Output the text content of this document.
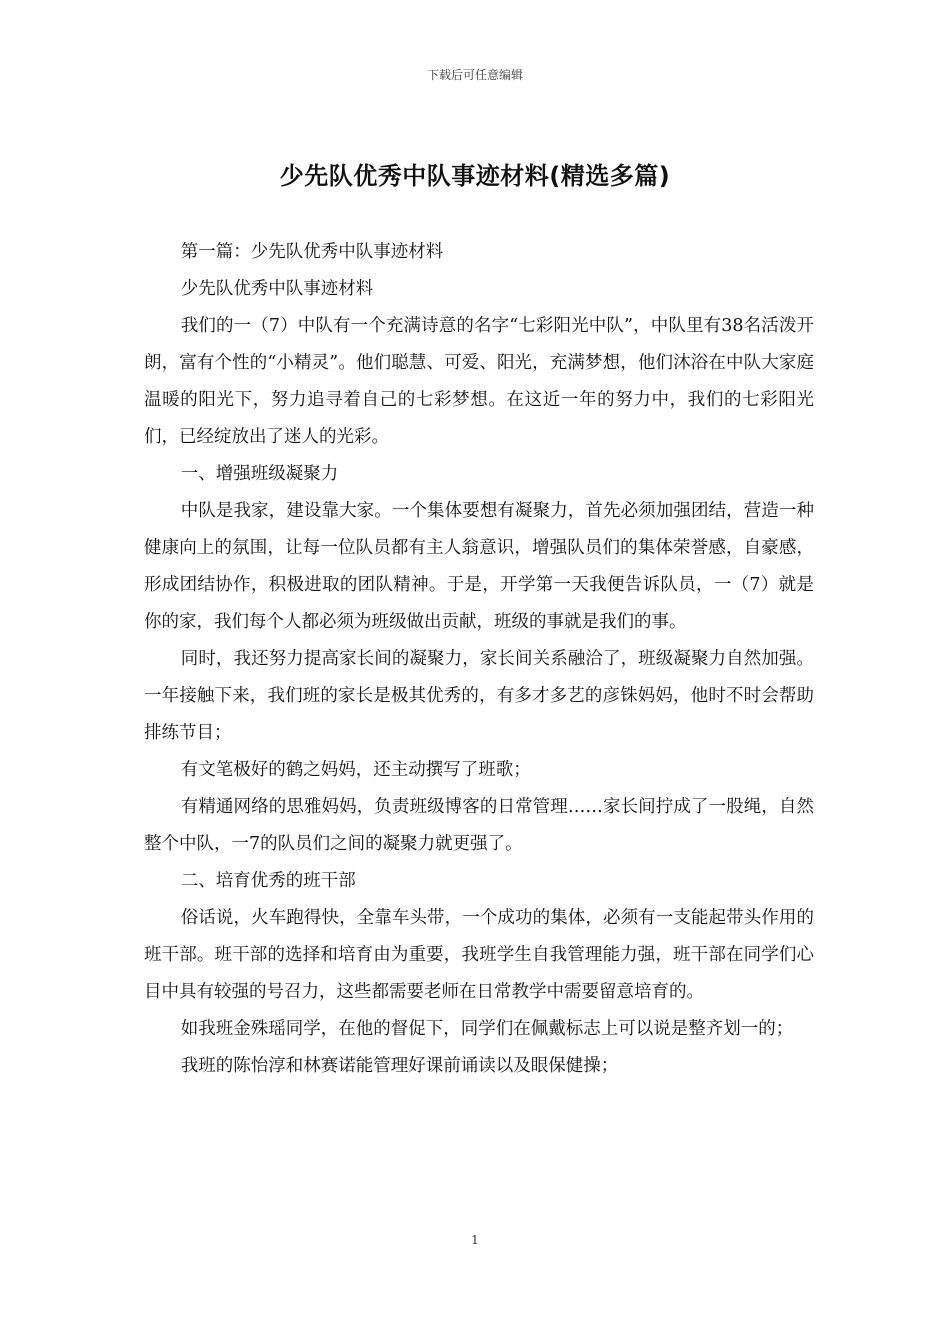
下载后可任意编辑
少先队优秀中队事迹材料(精选多篇)

第一篇：少先队优秀中队事迹材料

少先队优秀中队事迹材料

我们的一（7）中队有一个充满诗意的名字“七彩阳光中队”，中队里有38名活泼开朗，富有个性的“小精灵”。他们聪慧、可爱、阳光，充满梦想，他们沐浴在中队大家庭温暖的阳光下，努力追寻着自己的七彩梦想。在这近一年的努力中，我们的七彩阳光们，已经绽放出了迷人的光彩。

一、增强班级凝聚力

中队是我家，建设靠大家。一个集体要想有凝聚力，首先必须加强团结，营造一种健康向上的氛围，让每一位队员都有主人翁意识，增强队员们的集体荣誉感，自豪感，形成团结协作，积极进取的团队精神。于是，开学第一天我便告诉队员，一（7）就是你的家，我们每个人都必须为班级做出贡献，班级的事就是我们的事。

同时，我还努力提高家长间的凝聚力，家长间关系融洽了，班级凝聚力自然加强。一年接触下来，我们班的家长是极其优秀的，有多才多艺的彦铢妈妈，他时不时会帮助排练节目；

有文笔极好的鹤之妈妈，还主动撰写了班歌；

有精通网络的思雅妈妈，负责班级博客的日常管理……家长间拧成了一股绳，自然整个中队，一7的队员们之间的凝聚力就更强了。

二、培育优秀的班干部

俗话说，火车跑得快，全靠车头带，一个成功的集体，必须有一支能起带头作用的班干部。班干部的选择和培育由为重要，我班学生自我管理能力强，班干部在同学们心目中具有较强的号召力，这些都需要老师在日常教学中需要留意培育的。

如我班金殊瑶同学，在他的督促下，同学们在佩戴标志上可以说是整齐划一的；

我班的陈怡淳和林赛诺能管理好课前诵读以及眼保健操；

1
